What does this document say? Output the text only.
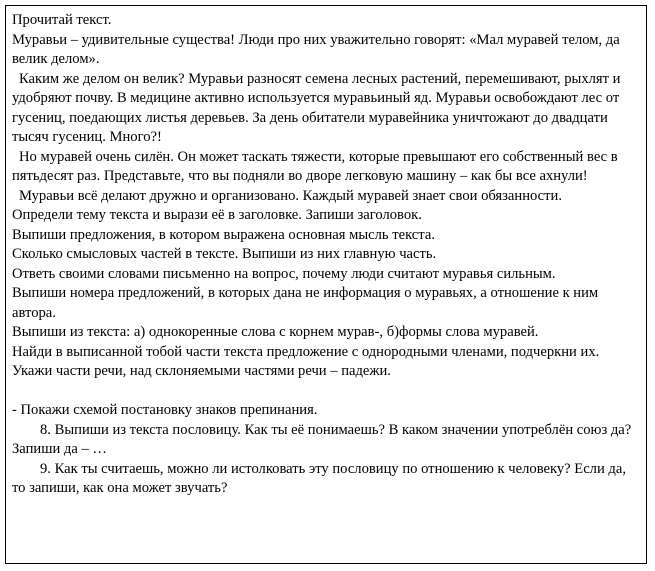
Прочитай текст.
Муравьи – удивительные существа! Люди про них уважительно говорят: «Мал муравей телом, да велик делом».
Каким же делом он велик? Муравьи разносят семена лесных растений, перемешивают, рыхлят и удобряют почву. В медицине активно используется муравьиный яд. Муравьи освобождают лес от гусениц, поедающих листья деревьев. За день обитатели муравейника уничтожают до двадцати тысяч гусениц. Много?!
Но муравей очень силён. Он может таскать тяжести, которые превышают его собственный вес в пятьдесят раз. Представьте, что вы подняли во дворе легковую машину – как бы все ахнули!
Муравьи всё делают дружно и организовано. Каждый муравей знает свои обязанности.
Определи тему текста и вырази её в заголовке. Запиши заголовок.
Выпиши предложения, в котором выражена основная мысль текста.
Сколько смысловых частей в тексте. Выпиши из них главную часть.
Ответь своими словами письменно на вопрос, почему люди считают муравья сильным.
Выпиши номера предложений, в которых дана не информация о муравьях, а отношение к ним автора.
Выпиши из текста: а) однокоренные слова с корнем мурав-, б)формы слова муравей.
Найди в выписанной тобой части текста предложение с однородными членами, подчеркни их. Укажи части речи, над склоняемыми частями речи – падежи.
- Покажи схемой постановку знаков препинания.
8. Выпиши из текста пословицу. Как ты её понимаешь? В каком значении употреблён союз да? Запиши да – …
9. Как ты считаешь, можно ли истолковать эту пословицу по отношению к человеку? Если да, то запиши, как она может звучать?
